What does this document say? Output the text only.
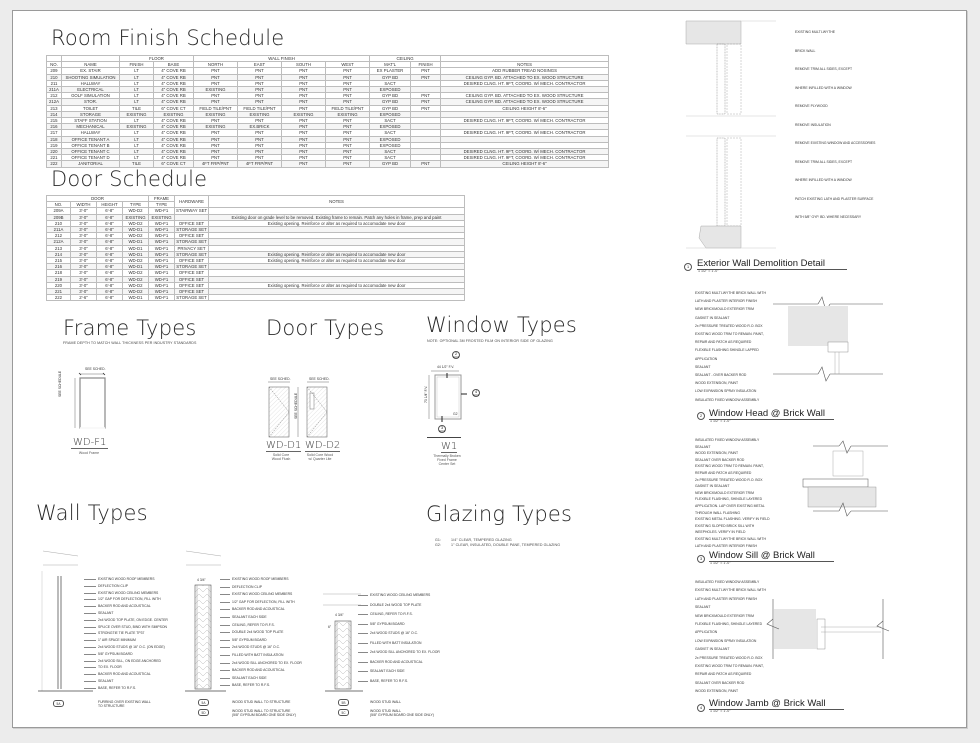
Room Finish Schedule
		FLOOR		WALL FINISH				CEILING		
NO.	NAME	FINISH	BASE	NORTH	EAST	SOUTH	WEST	MAT'L	FINISH	NOTES
209	EX. STAIR	LT	4" COVE RB	PNT	PNT	PNT	PNT	EX PLASTER	PNT	ADD RUBBER TREAD NOSINGS
210	SHOOTING SIMULATION	LT	4" COVE RB	PNT	PNT	PNT	PNT	GYP BD	PNT	CEILING GYP. BD. ATTACHED TO EX. WOOD STRUCTURE
211	HALLWAY	LT	4" COVE RB	PNT	PNT	PNT	PNT	SACT		DESIRED CLNG. HT. 9FT, COORD. W/ MECH. CONTRACTOR
211A	ELECTRICAL	LT	4" COVE RB	EXISTING	PNT	PNT	PNT	EXPOSED		
212	GOLF SIMULATION	LT	4" COVE RB	PNT	PNT	PNT	PNT	GYP BD	PNT	CEILING GYP. BD. ATTACHED TO EX. WOOD STRUCTURE
212A	STOR.	LT	4" COVE RB	PNT	PNT	PNT	PNT	GYP BD	PNT	CEILING GYP. BD. ATTACHED TO EX. WOOD STRUCTURE
213	TOILET	TILE	6" COVE CT	FIELD TILE/PNT	FIELD TILE/PNT	PNT	FIELD TILE/PNT	GYP BD	PNT	CEILING HEIGHT 8'-6"
214	STORAGE	EXISTING	EXISTING	EXISTING	EXISTING	EXISTING	EXISTING	EXPOSED		
215	STAFF STATION	LT	4" COVE RB	PNT	PNT	PNT	PNT	SACT		DESIRED CLNG. HT. 9FT, COORD. W/ MECH. CONTRACTOR
216	MECHANICAL	EXISTING	4" COVE RB	EXISTING	EX.BRICK	PNT	PNT	EXPOSED		
217	HALLWAY	LT	4" COVE RB	PNT	PNT	PNT	PNT	SACT		DESIRED CLNG. HT. 9FT, COORD. W/ MECH. CONTRACTOR
218	OFFICE TENANT A	LT	4" COVE RB	PNT	PNT	PNT	PNT	EXPOSED		
219	OFFICE TENANT B	LT	4" COVE RB	PNT	PNT	PNT	PNT	EXPOSED		
220	OFFICE TENANT C	LT	4" COVE RB	PNT	PNT	PNT	PNT	SACT		DESIRED CLNG. HT. 9FT, COORD. W/ MECH. CONTRACTOR
221	OFFICE TENANT D	LT	4" COVE RB	PNT	PNT	PNT	PNT	SACT		DESIRED CLNG. HT. 9FT, COORD. W/ MECH. CONTRACTOR
222	JANITORIAL	TILE	6" COVE CT	4FT FRP/PNT	4FT FRP/PNT	PNT	PNT	GYP BD	PNT	CEILING HEIGHT 8'-6"
Door Schedule
DOOR				FRAME	HARDWARE	NOTES
NO.	WIDTH	HEIGHT	TYPE	TYPE		
209A	3'-0"	6'-8"	WD-D2	WD-F1	STAIRWAY SET	
209B	3'-0"	6'-8"	EXISTING	EXISTING		Existing door on grade level to be removed. Existing frame to remain. Patch any holes in frame, prep and paint
210	3'-0"	6'-8"	WD-D2	WD-F1	OFFICE SET	Existing opening. Reinforce or alter as required to accomodate new door
211A	3'-0"	6'-8"	WD-D1	WD-F1	STORAGE SET	
212	3'-0"	6'-8"	WD-D2	WD-F1	OFFICE SET	
212A	3'-0"	6'-8"	WD-D1	WD-F1	STORAGE SET	
213	3'-0"	6'-8"	WD-D1	WD-F1	PRIVACY SET	
214	3'-0"	6'-8"	WD-D1	WD-F1	STORAGE SET	Existing opening. Reinforce or alter as required to accomodate new door
215	3'-0"	6'-8"	WD-D2	WD-F1	OFFICE SET	Existing opening. Reinforce or alter as required to accomodate new door
216	3'-0"	6'-8"	WD-D1	WD-F1	STORAGE SET	
218	3'-0"	6'-8"	WD-D2	WD-F1	OFFICE SET	
219	3'-0"	6'-8"	WD-D2	WD-F1	OFFICE SET	
220	3'-0"	6'-8"	WD-D2	WD-F1	OFFICE SET	Existing opening. Reinforce or alter as required to accomodate new door
221	3'-0"	6'-8"	WD-D2	WD-F1	OFFICE SET	
222	2'-6"	6'-8"	WD-D1	WD-F1	STORAGE SET	
Frame Types
FRAME DEPTH TO MATCH WALL THICKNESS PER INDUSTRY STANDARDS
SEE SCHED.
SEE SCHEDULE
WD-F1
Wood Frame
Door Types
SEE SCHED.	SEE SCHED.
SEE SCHEDULE
WD-D1
Solid Core
Wood Flush
WD-D2
Solid Core Wood
w/ Quarter Lite
Window Types
NOTE: OPTIONAL 3M FROSTED FILM ON INTERIOR SIDE OF GLAZING
2
A3.0
44 1/2" F.V.
73 1/4" F.V.
G2
4
A3.0
3
A3.0
W1
Thermally Broken
Fixed Frame
Center Set
Glazing Types
G1:	1/4" CLEAR, TEMPERED GLAZING
G2:	1" CLEAR, INSULATED, DOUBLE PANE, TEMPERED GLAZING
Wall Types
EXISTING WOOD ROOF MEMBERS
DEFLECTION CLIP
EXISTING WOOD CEILING MEMBERS
1/2" GAP FOR DEFLECTION, FILL WITH
BACKER ROD AND ACOUSTICAL
SEALANT
2x4 WOOD TOP PLATE, ON EDGE. CENTER
SPLICE OVER STUD, BIND WITH SIMPSON
STRONGTIE TIE PLATE TP37
1" AIR SPACE MINIMUM
2x4 WOOD STUDS @ 16" O.C. (ON EDGE)
5/8" GYPSUM BOARD
2x4 WOOD SILL, ON EDGE ANCHORED
TO EX. FLOOR
BACKER ROD AND ACOUSTICAL
SEALANT
BASE, REFER TO R.F.S.
5A	FURRING OVER EXISTING WALL
TO STRUCTURE
4 3/4"	EXISTING WOOD ROOF MEMBERS
DEFLECTION CLIP
EXISTING WOOD CEILING MEMBERS
1/2" GAP FOR DEFLECTION, FILL WITH
BACKER ROD AND ACOUSTICAL
SEALANT EACH SIDE
CEILING, REFER TO R.F.S.
DOUBLE 2x4 WOOD TOP PLATE
5/8" GYPSUM BOARD
2x4 WOOD STUDS @ 16" O.C.
FILLED WITH BATT INSULATION
2x4 WOOD SILL ANCHORED TO EX. FLOOR
BACKER ROD AND ACOUSTICAL
SEALANT EACH SIDE
BASE, REFER TO R.F.S.
5A	WOOD STUD WALL TO STRUCTURE
5D	WOOD STUD WALL TO STRUCTURE
(5/8" GYPSUM BOARD ONE SIDE ONLY)
4 3/4"
6"
EXISTING WOOD CEILING MEMBERS
DOUBLE 2x4 WOOD TOP PLATE
CEILING, REFER TO R.F.S.
5/8" GYPSUM BOARD
2x4 WOOD STUDS @ 16" O.C.
FILLED WITH BATT INSULATION
2x4 WOOD SILL ANCHORED TO EX. FLOOR
BACKER ROD AND ACOUSTICAL
SEALANT EACH SIDE
BASE, REFER TO R.F.S.
5B	WOOD STUD WALL
5C	WOOD STUD WALL
(5/8" GYPSUM BOARD ONE SIDE ONLY)
EXISTING MULTI-WYTHE
BRICK WALL
REMOVE TRIM ALL SIDES, EXCEPT
WHERE INFILLED WITH A WINDOW
REMOVE PLYWOOD
REMOVE INSULATION
REMOVE EXISTING WINDOW AND ACCESSORIES
REMOVE TRIM ALL SIDES, EXCEPT
WHERE INFILLED WITH A WINDOW
PATCH EXISTING LATH AND PLASTER SURFACE
WITH 5/8" GYP. BD. WHERE NECESSARY
1 Exterior Wall Demolition Detail
1 1/2" = 1'-0"
EXISTING MULTI-WYTHE BRICK WALL WITH
LATH AND PLASTER INTERIOR FINISH
NEW BRICKMOULD EXTERIOR TRIM
GASKET IN SEALANT
2x PRESSURE TREATED WOOD R.O. BOX
EXISTING WOOD TRIM TO REMAIN. PAINT,
REPAIR AND PATCH AS REQUIRED
FLEXIBLE FLASHING SHINGLE LAPPED
APPLICATION
SEALANT
SEALANT - OVER BACKER ROD
WOOD EXTENSION, PAINT
LOW EXPANSION SPRAY INSULATION
INSULATED FIXED WINDOW ASSEMBLY
2 Window Head @ Brick Wall
1 1/2" = 1'-0"
INSULATED FIXED WINDOW ASSEMBLY
SEALANT
WOOD EXTENSION, PAINT
SEALANT OVER BACKER ROD
EXISTING WOOD TRIM TO REMAIN. PAINT,
REPAIR AND PATCH AS REQUIRED
2x PRESSURE TREATED WOOD R.O. BOX
GASKET IN SEALANT
NEW BRICKMOULD EXTERIOR TRIM
FLEXIBLE FLASHING, SHINGLE LAYERED
APPLICATION. LAP OVER EXISTING METAL
THROUGH WALL FLASHING
EXISTING METAL FLASHING. VERIFY IN FIELD
EXISTING SLOPED BRICK SILL WITH
WEEPHOLES. VERIFY IN FIELD
EXISTING MULTI-WYTHE BRICK WALL WITH
LATH AND PLASTER INTERIOR FINISH
3 Window Sill @ Brick Wall
1 1/2" = 1'-0"
INSULATED FIXED WINDOW ASSEMBLY
EXISTING MULTI-WYTHE BRICK WALL WITH
LATH AND PLASTER INTERIOR FINISH
SEALANT
NEW BRICKMOULD EXTERIOR TRIM
FLEXIBLE FLASHING, SHINGLE LAYERED
APPLICATION
LOW EXPANSION SPRAY INSULATION
GASKET IN SEALANT
2x PRESSURE TREATED WOOD R.O. BOX
EXISTING WOOD TRIM TO REMAIN. PAINT,
REPAIR AND PATCH AS REQUIRED
SEALANT OVER BACKER ROD
WOOD EXTENSION, PAINT
4 Window Jamb @ Brick Wall
1 1/2" = 1'-0"
